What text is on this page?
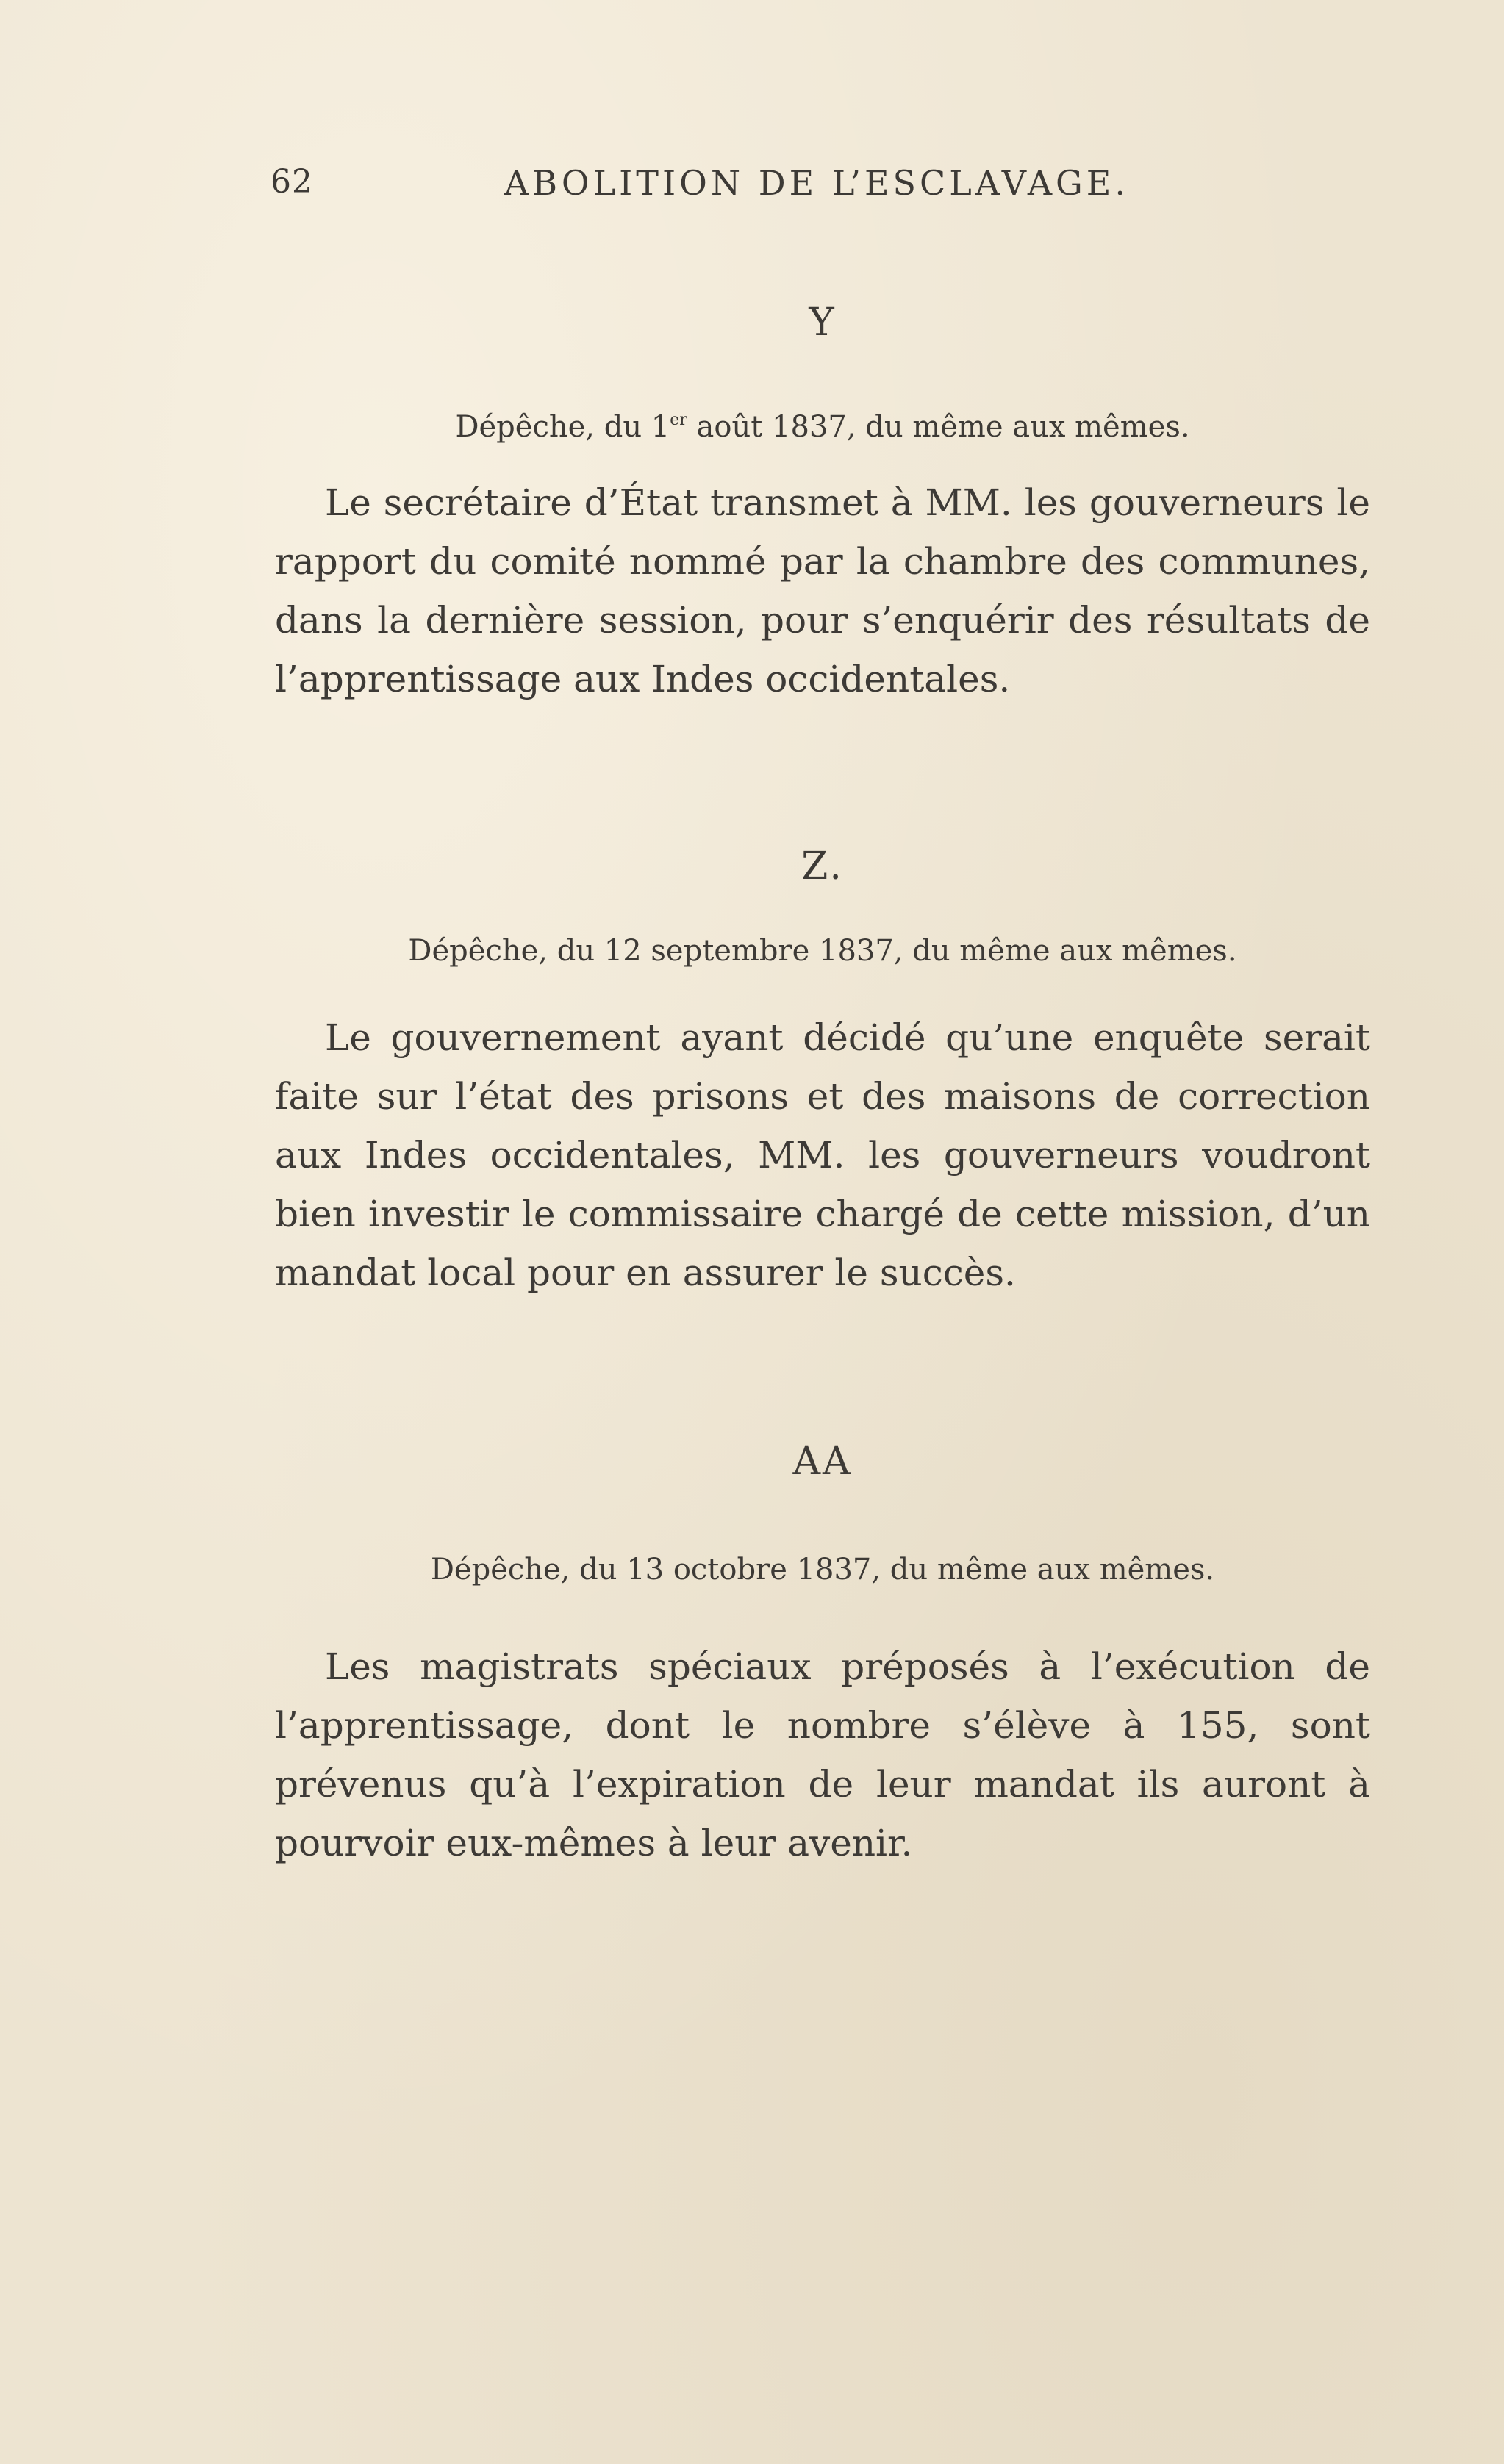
62	ABOLITION DE L’ESCLAVAGE.

Y

Dépêche, du 1er août 1837, du même aux mêmes.

Le secrétaire d’État transmet à MM. les gouverneurs le rapport du comité nommé par la chambre des communes, dans la dernière session, pour s’enquérir des résultats de l’apprentissage aux Indes occidentales.

Z.

Dépêche, du 12 septembre 1837, du même aux mêmes.

Le gouvernement ayant décidé qu’une enquête serait faite sur l’état des prisons et des maisons de correction aux Indes occidentales, MM. les gouverneurs voudront bien investir le commissaire chargé de cette mission, d’un mandat local pour en assurer le succès.

AA

Dépêche, du 13 octobre 1837, du même aux mêmes.

Les magistrats spéciaux préposés à l’exécution de l’apprentissage, dont le nombre s’élève à 155, sont prévenus qu’à l’expiration de leur mandat ils auront à pourvoir eux-mêmes à leur avenir.
